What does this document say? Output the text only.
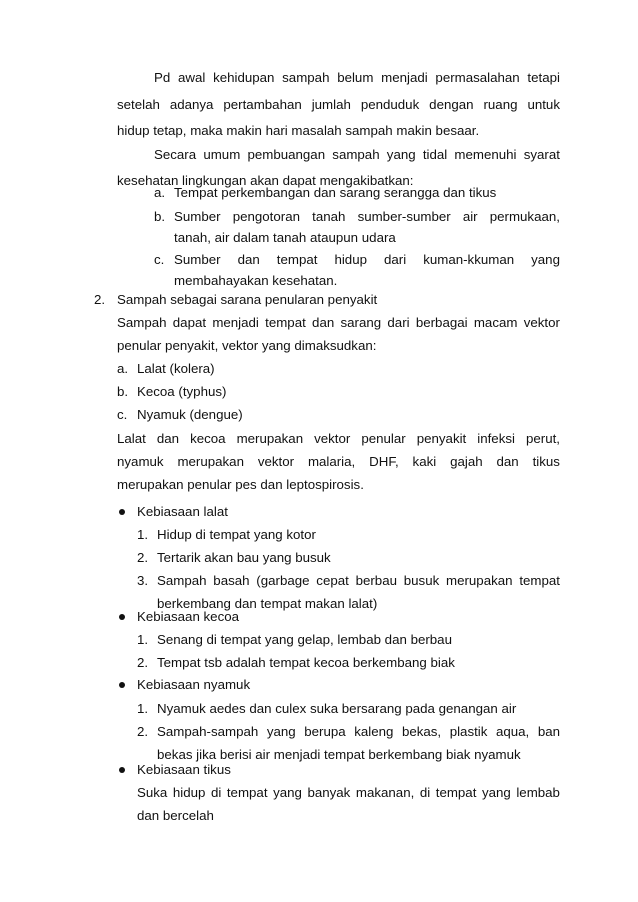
Pd awal kehidupan sampah belum menjadi permasalahan tetapi
setelah adanya pertambahan jumlah penduduk dengan ruang untuk
hidup tetap, maka makin hari masalah sampah makin besaar.
Secara umum pembuangan sampah yang tidal memenuhi syarat
kesehatan lingkungan akan dapat mengakibatkan:
a. Tempat perkembangan dan sarang serangga dan tikus
b. Sumber pengotoran tanah sumber-sumber air permukaan,
tanah, air dalam tanah ataupun udara
c. Sumber dan tempat hidup dari kuman-kkuman yang
membahayakan kesehatan.
2. Sampah sebagai sarana penularan penyakit
Sampah dapat menjadi tempat dan sarang dari berbagai macam vektor
penular penyakit, vektor yang dimaksudkan:
a. Lalat (kolera)
b. Kecoa (typhus)
c. Nyamuk (dengue)
Lalat dan kecoa merupakan vektor penular penyakit infeksi perut,
nyamuk merupakan vektor malaria, DHF, kaki gajah dan tikus
merupakan penular pes dan leptospirosis.
Kebiasaan lalat
1. Hidup di tempat yang kotor
2. Tertarik akan bau yang busuk
3. Sampah basah (garbage cepat berbau busuk merupakan tempat
berkembang dan tempat makan lalat)
Kebiasaan kecoa
1. Senang di tempat yang gelap, lembab dan berbau
2. Tempat tsb adalah tempat kecoa berkembang biak
Kebiasaan nyamuk
1. Nyamuk aedes dan culex suka bersarang pada genangan air
2. Sampah-sampah yang berupa kaleng bekas, plastik aqua, ban
bekas jika berisi air menjadi tempat berkembang biak nyamuk
Kebiasaan tikus
Suka hidup di tempat yang banyak makanan, di tempat yang lembab
dan bercelah
